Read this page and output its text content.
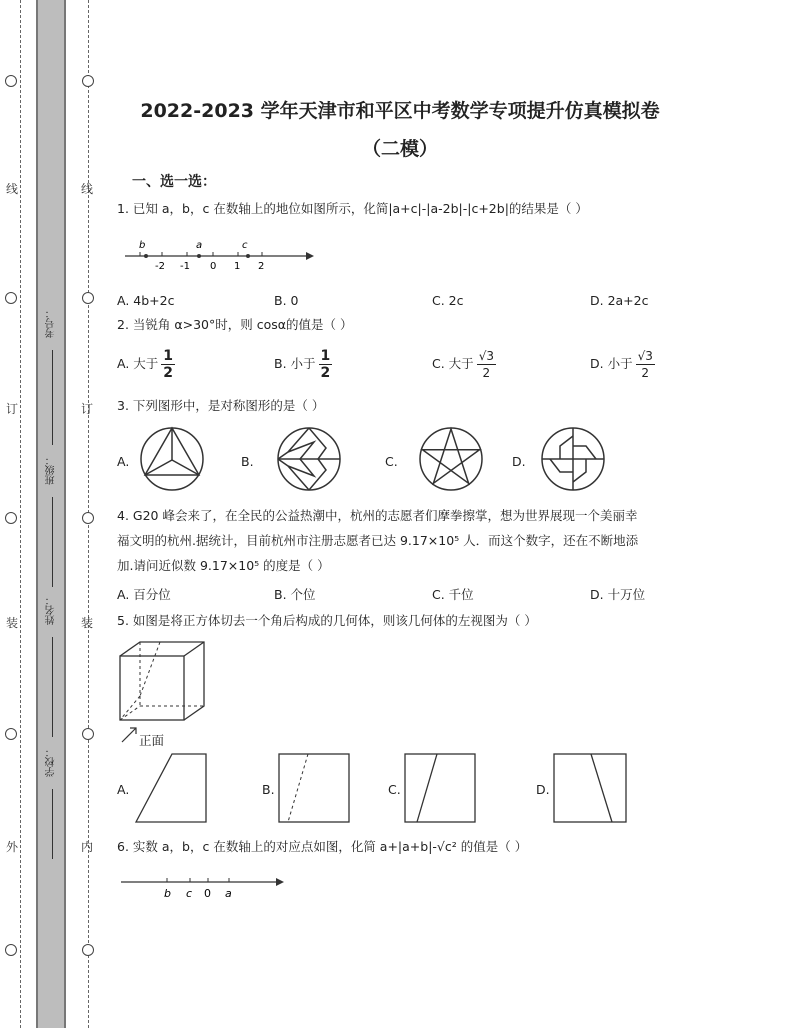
线
订
装
外
线
订
装
内
考号：
班级：
姓名：
学校：
2022-2023 学年天津市和平区中考数学专项提升仿真模拟卷
（二模）
一、选一选：
1. 已知 a，b，c 在数轴上的地位如图所示，化简|a+c|-|a-2b|-|c+2b|的结果是（ ）
b
-2 -1
a
0 1
c
2
A. 4b+2c	B. 0	C. 2c	D. 2a+2c
2. 当锐角 α>30°时，则 cosα的值是（ ）
A. 大于 $\frac{1}{2}$	B. 小于 $\frac{1}{2}$	C. 大于 $\frac{√3}{2}$	D. 小于 $\frac{√3}{2}$
3. 下列图形中，是对称图形的是（ ）
A.	B.	C.	D.
4. G20 峰会来了，在全民的公益热潮中，杭州的志愿者们摩拳擦掌，想为世界展现一个美丽幸
福文明的杭州.据统计，目前杭州市注册志愿者已达 9.17×10⁵ 人．而这个数字，还在不断地添
加.请问近似数 9.17×10⁵ 的度是（ ）
A. 百分位	B. 个位	C. 千位	D. 十万位
5. 如图是将正方体切去一个角后构成的几何体，则该几何体的左视图为（ ）
正面
A.	B.	C.	D.
6. 实数 a，b，c 在数轴上的对应点如图，化简 a+|a+b|-√c² 的值是（ ）
b c 0 a
